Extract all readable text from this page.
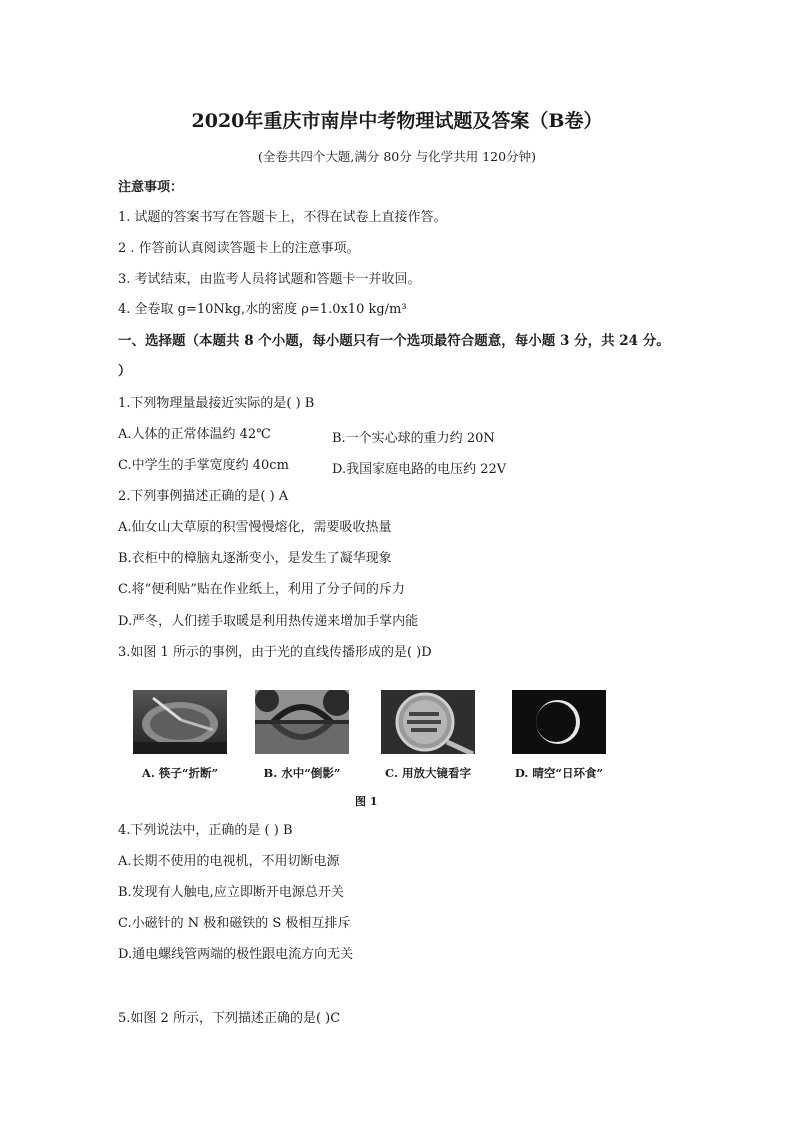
2020年重庆市南岸中考物理试题及答案（B卷）
(全卷共四个大题,满分 80分 与化学共用 120分钟)
注意事项：
1. 试题的答案书写在答题卡上，不得在试卷上直接作答。
2 . 作答前认真阅读答题卡上的注意事项。
3. 考试结束，由监考人员将试题和答题卡一并收回。
4. 全卷取 g=10Nkg,水的密度 ρ=1.0x10 kg/m³
一、选择题（本题共 8 个小题，每小题只有一个选项最符合题意，每小题 3 分，共 24 分。
）
1.下列物理量最接近实际的是( ) B
A.人体的正常体温约 42℃	B.一个实心球的重力约 20N
C.中学生的手掌宽度约 40cm	D.我国家庭电路的电压约 22V
2.下列事例描述正确的是( ) A
A.仙女山大草原的积雪慢慢熔化，需要吸收热量
B.衣柜中的樟脑丸逐渐变小，是发生了凝华现象
C.将“便利贴”贴在作业纸上，利用了分子间的斥力
D.严冬，人们搓手取暖是利用热传递来增加手掌内能
3.如图 1 所示的事例，由于光的直线传播形成的是( )D
A. 筷子“折断”	B. 水中“倒影”	C. 用放大镜看字	D. 晴空“日环食”
图 1
4.下列说法中，正确的是 ( ) B
A.长期不使用的电视机，不用切断电源
B.发现有人触电,应立即断开电源总开关
C.小磁针的 N 极和磁铁的 S 极相互排斥
D.通电螺线管两端的极性跟电流方向无关
5.如图 2 所示，下列描述正确的是( )C
